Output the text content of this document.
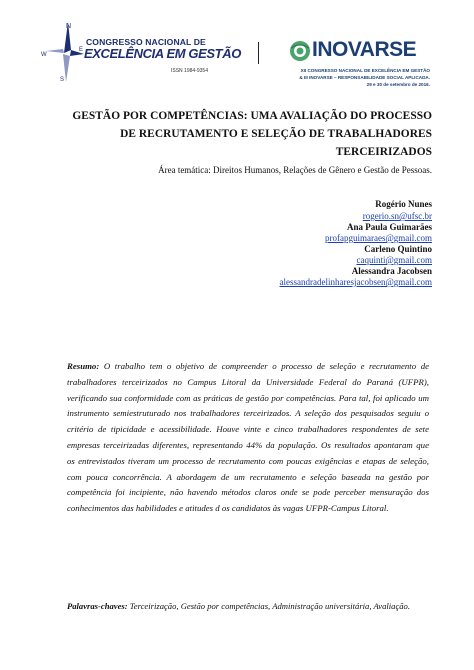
N
E
W
S
CONGRESSO NACIONAL DE
EXCELÊNCIA EM GESTÃO
ISSN 1984-9354
INOVARSE
XII CONGRESSO NACIONAL DE EXCELÊNCIA EM GESTÃO
& III INOVARSE – RESPONSABILIDADE SOCIAL APLICADA.
29 e 30 de setembro de 2016.
GESTÃO POR COMPETÊNCIAS: UMA AVALIAÇÃO DO PROCESSO
DE RECRUTAMENTO E SELEÇÃO DE TRABALHADORES
TERCEIRIZADOS
Área temática: Direitos Humanos, Relações de Gênero e Gestão de Pessoas.
Rogério Nunes
rogerio.sn@ufsc.br
Ana Paula Guimarães
profapguimaraes@gmail.com
Carleno Quintino
caquinti@gmail.com
Alessandra Jacobsen
alessandradelinharesjacobsen@gmail.com
Resumo: O trabalho tem o objetivo de compreender o processo de seleção e recrutamento de
trabalhadores terceirizados no Campus Litoral da Universidade Federal do Paraná (UFPR),
verificando sua conformidade com as práticas de gestão por competências. Para tal, foi aplicado um
instrumento semiestruturado nos trabalhadores terceirizados. A seleção dos pesquisados seguiu o
critério de tipicidade e acessibilidade. Houve vinte e cinco trabalhadores respondentes de sete
empresas terceirizadas diferentes, representando 44% da população. Os resultados apontaram que
os entrevistados tiveram um processo de recrutamento com poucas exigências e etapas de seleção,
com pouca concorrência. A abordagem de um recrutamento e seleção baseada na gestão por
competência foi incipiente, não havendo métodos claros onde se pode perceber mensuração dos
conhecimentos das habilidades e atitudes d os candidatos às vagas UFPR-Campus Litoral.
Palavras-chaves: Terceirização, Gestão por competências, Administração universitária, Avaliação.
